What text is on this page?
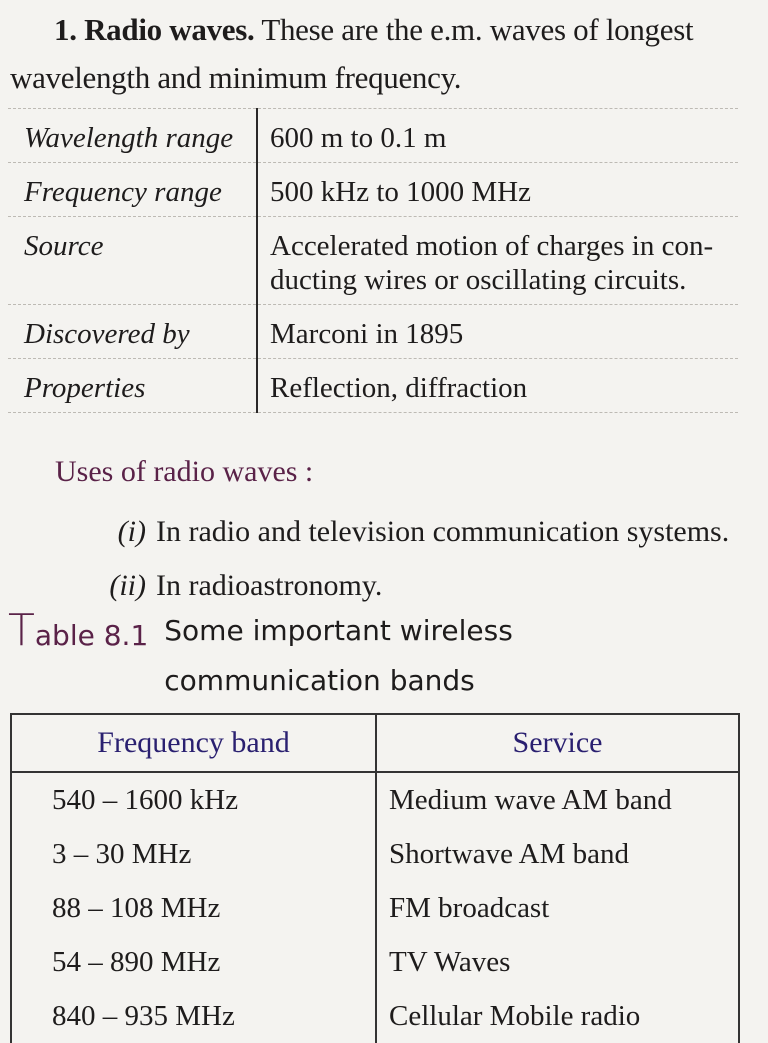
1. Radio waves. These are the e.m. waves of longest
wavelength and minimum frequency.
Wavelength range	600 m to 0.1 m
Frequency range	500 kHz to 1000 MHz
Source	Accelerated motion of charges in con-
ducting wires or oscillating circuits.
Discovered by	Marconi in 1895
Properties	Reflection, diffraction
Uses of radio waves :
(i) In radio and television communication systems.
(ii) In radioastronomy.
Table 8.1 Some important wireless
communication bands
Frequency band	Service
540 – 1600 kHz	Medium wave AM band
3 – 30 MHz	Shortwave AM band
88 – 108 MHz	FM broadcast
54 – 890 MHz	TV Waves
840 – 935 MHz	Cellular Mobile radio
